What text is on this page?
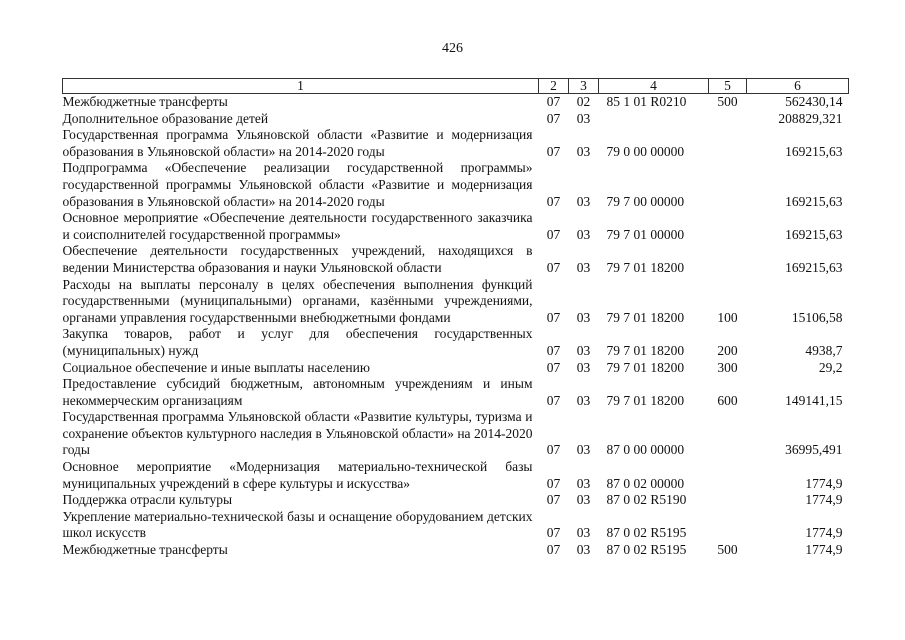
426
1	2	3	4	5	6
Межбюджетные трансферты	07	02	85 1 01 R0210	500	562430,14
Дополнительное образование детей	07	03			208829,321
Государственная программа Ульяновской области «Развитие и модернизация образования в Ульяновской области» на 2014-2020 годы	07	03	79 0 00 00000		169215,63
Подпрограмма «Обеспечение реализации государственной программы» государственной программы Ульяновской области «Развитие и модернизация образования в Ульяновской области» на 2014-2020 годы	07	03	79 7 00 00000		169215,63
Основное мероприятие «Обеспечение деятельности государственного заказчика и соисполнителей государственной программы»	07	03	79 7 01 00000		169215,63
Обеспечение деятельности государственных учреждений, находящихся в ведении Министерства образования и науки Ульяновской области	07	03	79 7 01 18200		169215,63
Расходы на выплаты персоналу в целях обеспечения выполнения функций государственными (муниципальными) органами, казёнными учреждениями, органами управления государственными внебюджетными фондами	07	03	79 7 01 18200	100	15106,58
Закупка товаров, работ и услуг для обеспечения государственных (муниципальных) нужд	07	03	79 7 01 18200	200	4938,7
Социальное обеспечение и иные выплаты населению	07	03	79 7 01 18200	300	29,2
Предоставление субсидий бюджетным, автономным учреждениям и иным некоммерческим организациям	07	03	79 7 01 18200	600	149141,15
Государственная программа Ульяновской области «Развитие культуры, туризма и сохранение объектов культурного наследия в Ульяновской области» на 2014-2020 годы	07	03	87 0 00 00000		36995,491
Основное мероприятие «Модернизация материально-технической базы муниципальных учреждений в сфере культуры и искусства»	07	03	87 0 02 00000		1774,9
Поддержка отрасли культуры	07	03	87 0 02 R5190		1774,9
Укрепление материально-технической базы и оснащение оборудованием детских школ искусств	07	03	87 0 02 R5195		1774,9
Межбюджетные трансферты	07	03	87 0 02 R5195	500	1774,9
